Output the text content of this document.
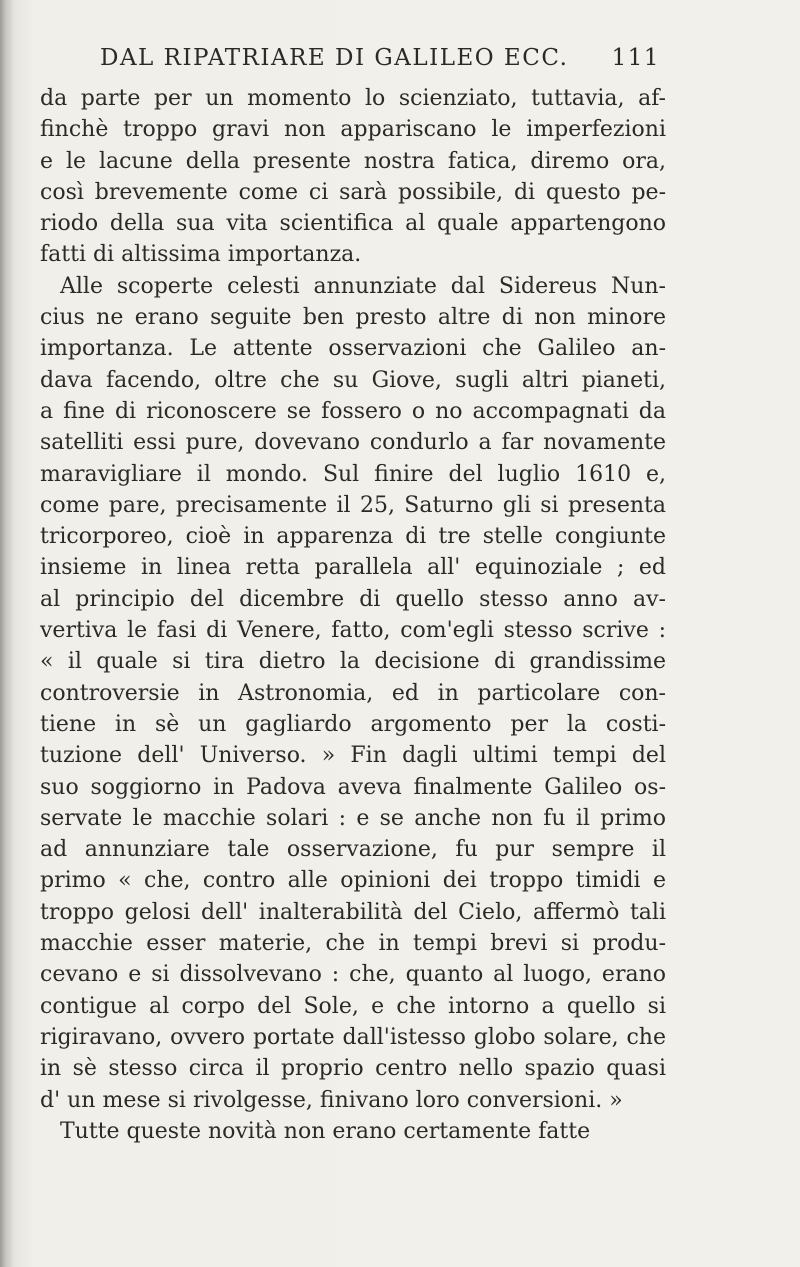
DAL RIPATRIARE DI GALILEO ECC. 111
da parte per un momento lo scienziato, tuttavia, af-
finchè troppo gravi non appariscano le imperfezioni
e le lacune della presente nostra fatica, diremo ora,
così brevemente come ci sarà possibile, di questo pe-
riodo della sua vita scientifica al quale appartengono
fatti di altissima importanza.
Alle scoperte celesti annunziate dal Sidereus Nun-
cius ne erano seguite ben presto altre di non minore
importanza. Le attente osservazioni che Galileo an-
dava facendo, oltre che su Giove, sugli altri pianeti,
a fine di riconoscere se fossero o no accompagnati da
satelliti essi pure, dovevano condurlo a far novamente
maravigliare il mondo. Sul finire del luglio 1610 e,
come pare, precisamente il 25, Saturno gli si presenta
tricorporeo, cioè in apparenza di tre stelle congiunte
insieme in linea retta parallela all' equinoziale ; ed
al principio del dicembre di quello stesso anno av-
vertiva le fasi di Venere, fatto, com'egli stesso scrive :
« il quale si tira dietro la decisione di grandissime
controversie in Astronomia, ed in particolare con-
tiene in sè un gagliardo argomento per la costi-
tuzione dell' Universo. » Fin dagli ultimi tempi del
suo soggiorno in Padova aveva finalmente Galileo os-
servate le macchie solari : e se anche non fu il primo
ad annunziare tale osservazione, fu pur sempre il
primo « che, contro alle opinioni dei troppo timidi e
troppo gelosi dell' inalterabilità del Cielo, affermò tali
macchie esser materie, che in tempi brevi si produ-
cevano e si dissolvevano : che, quanto al luogo, erano
contigue al corpo del Sole, e che intorno a quello si
rigiravano, ovvero portate dall'istesso globo solare, che
in sè stesso circa il proprio centro nello spazio quasi
d' un mese si rivolgesse, finivano loro conversioni. »
Tutte queste novità non erano certamente fatte
